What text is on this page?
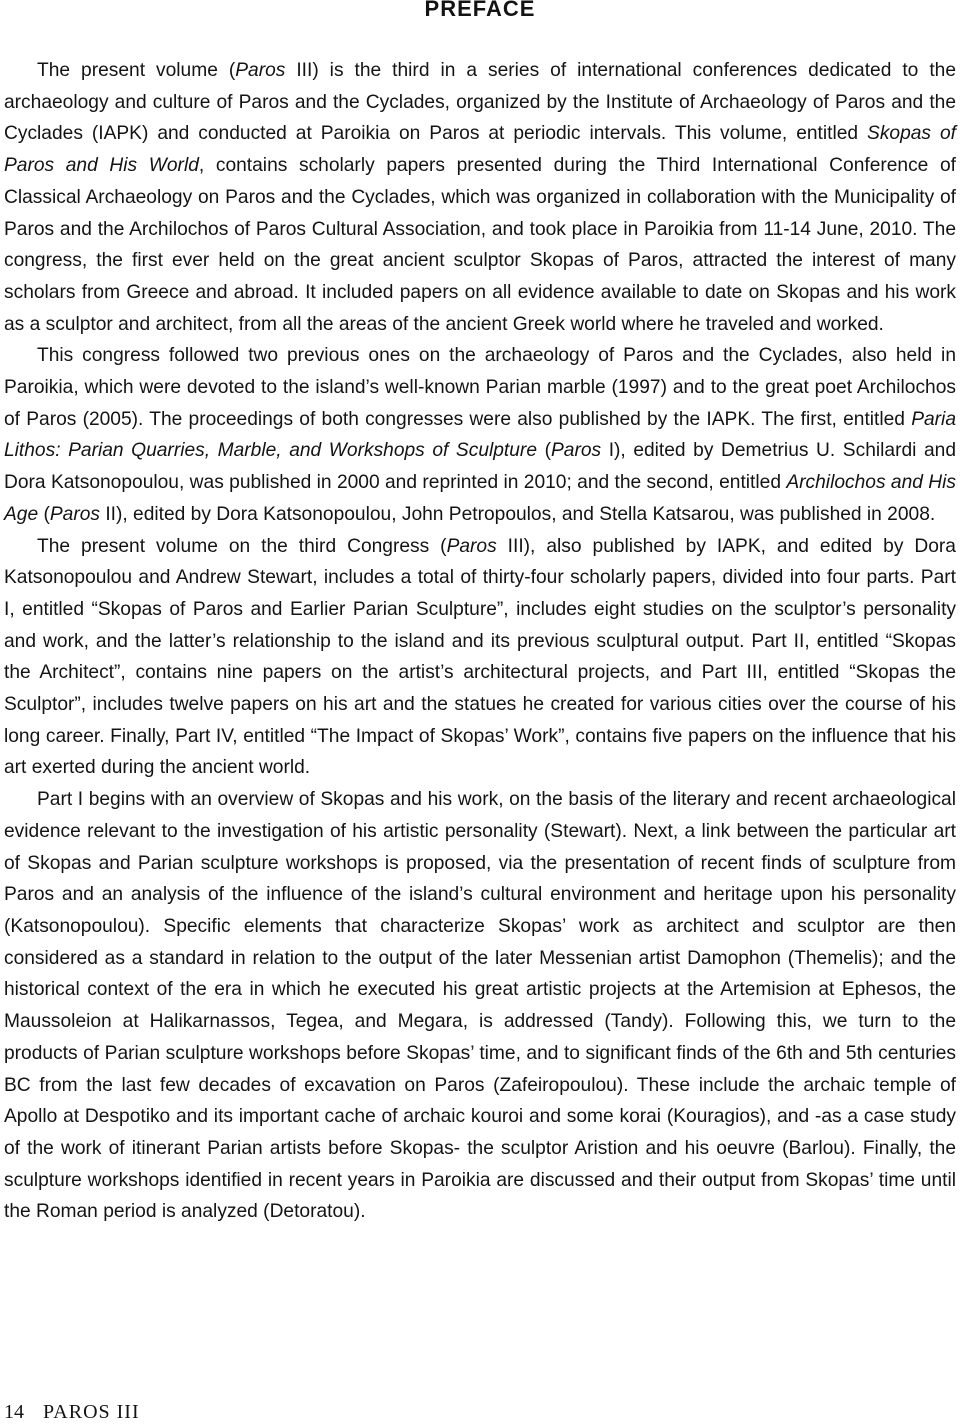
PREFACE

The present volume (Paros III) is the third in a series of international conferences dedicated to the archaeology and culture of Paros and the Cyclades, organized by the Institute of Archaeology of Paros and the Cyclades (IAPK) and conducted at Paroikia on Paros at periodic intervals. This volume, entitled Skopas of Paros and His World, contains scholarly papers presented during the Third International Conference of Classical Archaeology on Paros and the Cyclades, which was organized in collaboration with the Municipality of Paros and the Archilochos of Paros Cultural Association, and took place in Paroikia from 11-14 June, 2010. The congress, the first ever held on the great ancient sculptor Skopas of Paros, attracted the interest of many scholars from Greece and abroad. It included papers on all evidence available to date on Skopas and his work as a sculptor and architect, from all the areas of the ancient Greek world where he traveled and worked.

This congress followed two previous ones on the archaeology of Paros and the Cyclades, also held in Paroikia, which were devoted to the island’s well-known Parian marble (1997) and to the great poet Archilochos of Paros (2005). The proceedings of both congresses were also published by the IAPK. The first, entitled Paria Lithos: Parian Quarries, Marble, and Workshops of Sculpture (Paros I), edited by Demetrius U. Schilardi and Dora Katsonopoulou, was published in 2000 and reprinted in 2010; and the second, entitled Archilochos and His Age (Paros II), edited by Dora Katsonopoulou, John Petropoulos, and Stella Katsarou, was published in 2008.

The present volume on the third Congress (Paros III), also published by IAPK, and edited by Dora Katsonopoulou and Andrew Stewart, includes a total of thirty-four scholarly papers, divided into four parts. Part I, entitled “Skopas of Paros and Earlier Parian Sculpture”, includes eight studies on the sculptor’s personality and work, and the latter’s relationship to the island and its previous sculptural output. Part II, entitled “Skopas the Architect”, contains nine papers on the artist’s architectural projects, and Part III, entitled “Skopas the Sculptor”, includes twelve papers on his art and the statues he created for various cities over the course of his long career. Finally, Part IV, entitled “The Impact of Skopas’ Work”, contains five papers on the influence that his art exerted during the ancient world.

Part I begins with an overview of Skopas and his work, on the basis of the literary and recent archaeological evidence relevant to the investigation of his artistic personality (Stewart). Next, a link between the particular art of Skopas and Parian sculpture workshops is proposed, via the presentation of recent finds of sculpture from Paros and an analysis of the influence of the island’s cultural environment and heritage upon his personality (Katsonopoulou). Specific elements that characterize Skopas’ work as architect and sculptor are then considered as a standard in relation to the output of the later Messenian artist Damophon (Themelis); and the historical context of the era in which he executed his great artistic projects at the Artemision at Ephesos, the Maussoleion at Halikarnassos, Tegea, and Megara, is addressed (Tandy). Following this, we turn to the products of Parian sculpture workshops before Skopas’ time, and to significant finds of the 6th and 5th centuries BC from the last few decades of excavation on Paros (Zafeiropoulou). These include the archaic temple of Apollo at Despotiko and its important cache of archaic kouroi and some korai (Kouragios), and -as a case study of the work of itinerant Parian artists before Skopas- the sculptor Aristion and his oeuvre (Barlou). Finally, the sculpture workshops identified in recent years in Paroikia are discussed and their output from Skopas’ time until the Roman period is analyzed (Detoratou).

14 PAROS III
